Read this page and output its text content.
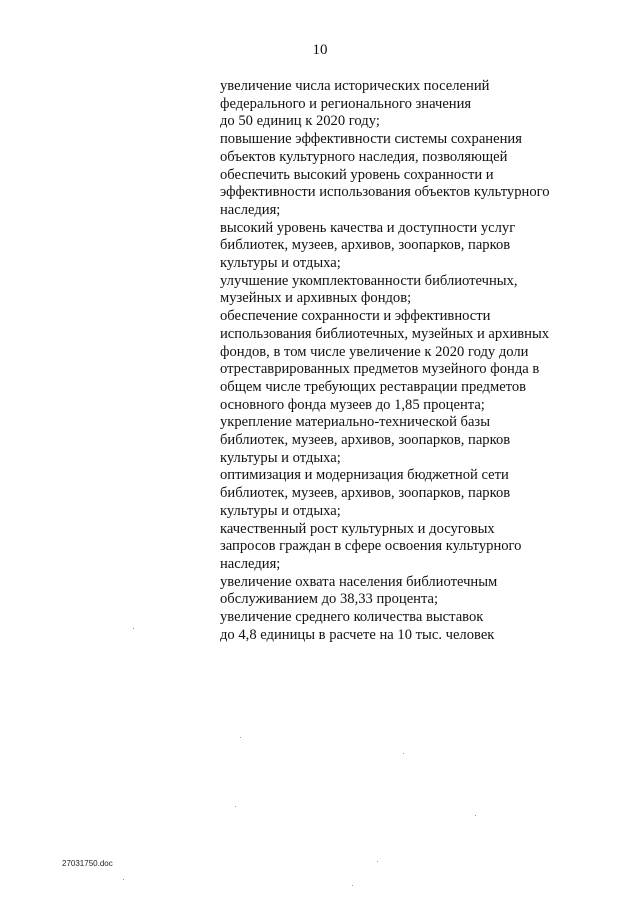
10
увеличение числа исторических поселений
федерального и регионального значения
до 50 единиц к 2020 году;
повышение эффективности системы сохранения
объектов культурного наследия, позволяющей
обеспечить высокий уровень сохранности и
эффективности использования объектов культурного
наследия;
высокий уровень качества и доступности услуг
библиотек, музеев, архивов, зоопарков, парков
культуры и отдыха;
улучшение укомплектованности библиотечных,
музейных и архивных фондов;
обеспечение сохранности и эффективности
использования библиотечных, музейных и архивных
фондов, в том числе увеличение к 2020 году доли
отреставрированных предметов музейного фонда в
общем числе требующих реставрации предметов
основного фонда музеев до 1,85 процента;
укрепление материально-технической базы
библиотек, музеев, архивов, зоопарков, парков
культуры и отдыха;
оптимизация и модернизация бюджетной сети
библиотек, музеев, архивов, зоопарков, парков
культуры и отдыха;
качественный рост культурных и досуговых
запросов граждан в сфере освоения культурного
наследия;
увеличение охвата населения библиотечным
обслуживанием до 38,33 процента;
увеличение среднего количества выставок
до 4,8 единицы в расчете на 10 тыс. человек
27031750.doc
